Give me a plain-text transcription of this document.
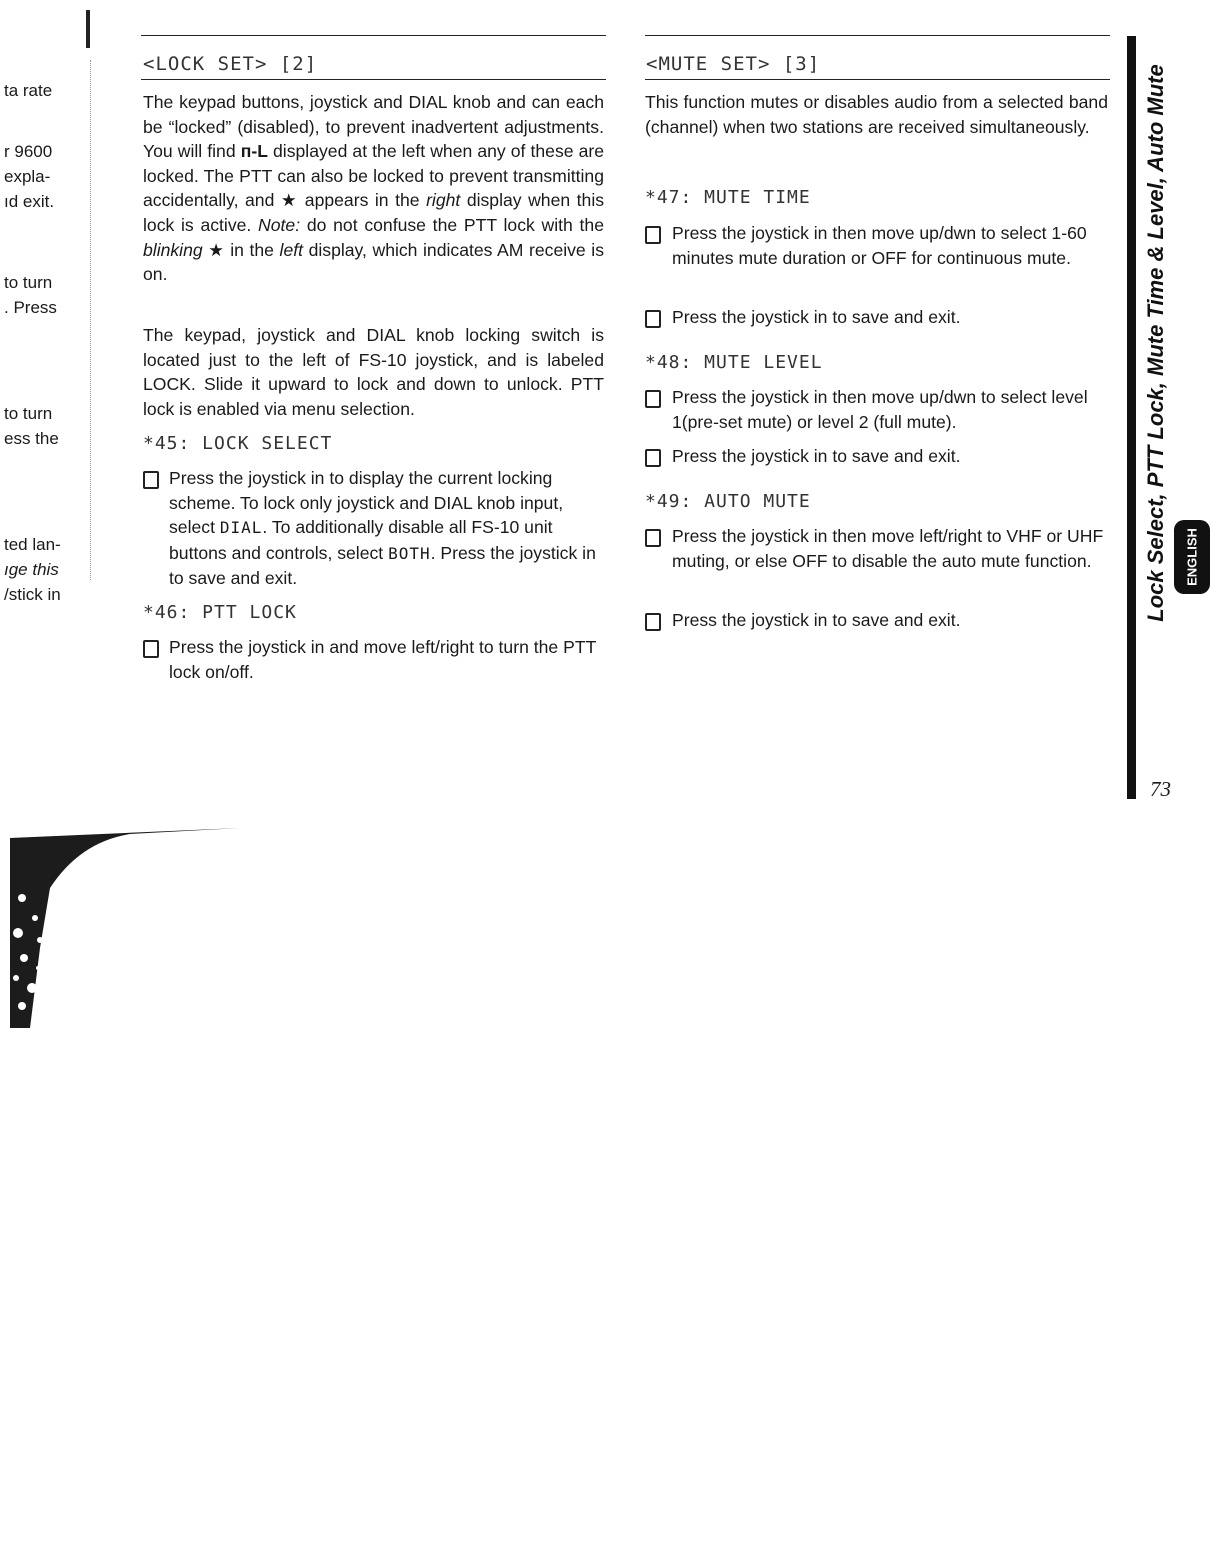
ta rate
r 9600
expla-
ıd exit.
to turn
. Press
to turn
ess the
ted lan-
ıge this
/stick in
<LOCK SET> [2]
The keypad buttons, joystick and DIAL knob and can each be “locked” (disabled), to prevent inadvertent adjustments. You will find ᴨ-L displayed at the left when any of these are locked. The PTT can also be locked to prevent transmitting accidentally, and ★ appears in the right display when this lock is active. Note: do not confuse the PTT lock with the blinking ★ in the left display, which indicates AM receive is on.
The keypad, joystick and DIAL knob locking switch is located just to the left of FS-10 joystick, and is labeled LOCK. Slide it upward to lock and down to unlock. PTT lock is enabled via menu selection.
*45: LOCK SELECT
Press the joystick in to display the current locking scheme. To lock only joystick and DIAL knob input, select DIAL. To additionally disable all FS-10 unit buttons and controls, select BOTH. Press the joystick in to save and exit.
*46: PTT LOCK
Press the joystick in and move left/right to turn the PTT lock on/off.
<MUTE SET> [3]
This function mutes or disables audio from a selected band (channel) when two stations are received simultaneously.
*47: MUTE TIME
Press the joystick in then move up/dwn to select 1-60 minutes mute duration or OFF for continuous mute.
Press the joystick in to save and exit.
*48: MUTE LEVEL
Press the joystick in then move up/dwn to select level 1(pre-set mute) or level 2 (full mute).
Press the joystick in to save and exit.
*49: AUTO MUTE
Press the joystick in then move left/right to VHF or UHF muting, or else OFF to disable the auto mute function.
Press the joystick in to save and exit.	Lock Select, PTT Lock, Mute Time & Level, Auto Mute ENGLISH
73
